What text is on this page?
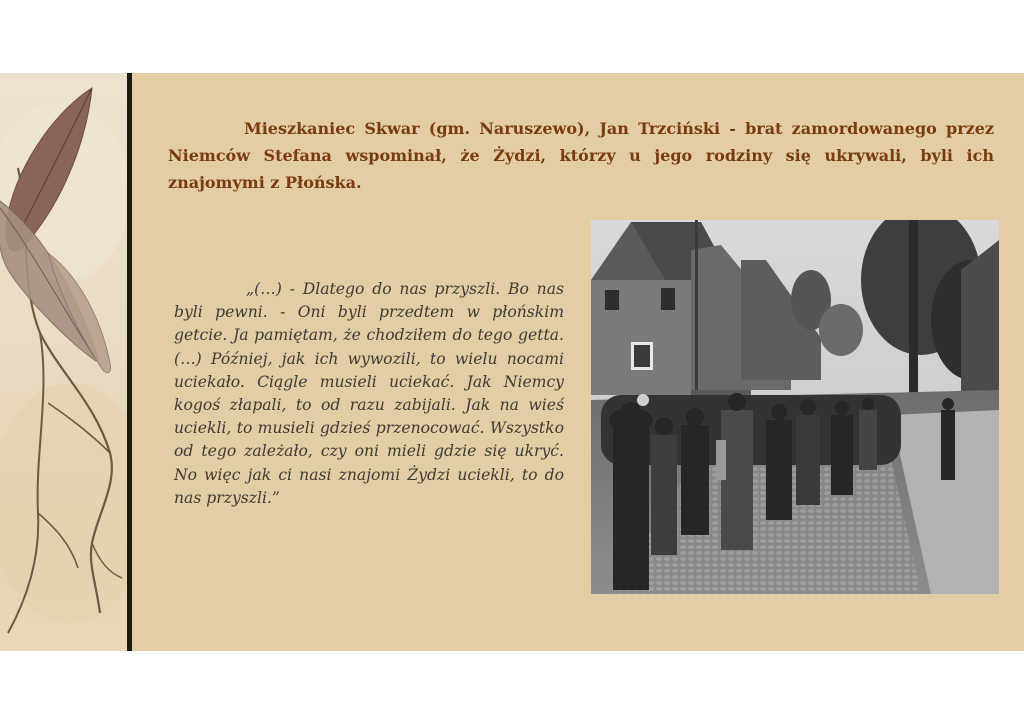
Mieszkaniec Skwar (gm. Naruszewo), Jan Trzciński - brat zamordowanego przez Niemców Stefana wspominał, że Żydzi, którzy u jego rodziny się ukrywali, byli ich znajomymi z Płońska.

„(…) - Dlatego do nas przyszli. Bo nas byli pewni. - Oni byli przedtem w płońskim getcie. Ja pamiętam, że chodziłem do tego getta. (…) Później, jak ich wywozili, to wielu nocami uciekało. Ciągle musieli uciekać. Jak Niemcy kogoś złapali, to od razu zabijali. Jak na wieś uciekli, to musieli gdzieś przenocować. Wszystko od tego zależało, czy oni mieli gdzie się ukryć. No więc jak ci nasi znajomi Żydzi uciekli, to do nas przyszli.”
